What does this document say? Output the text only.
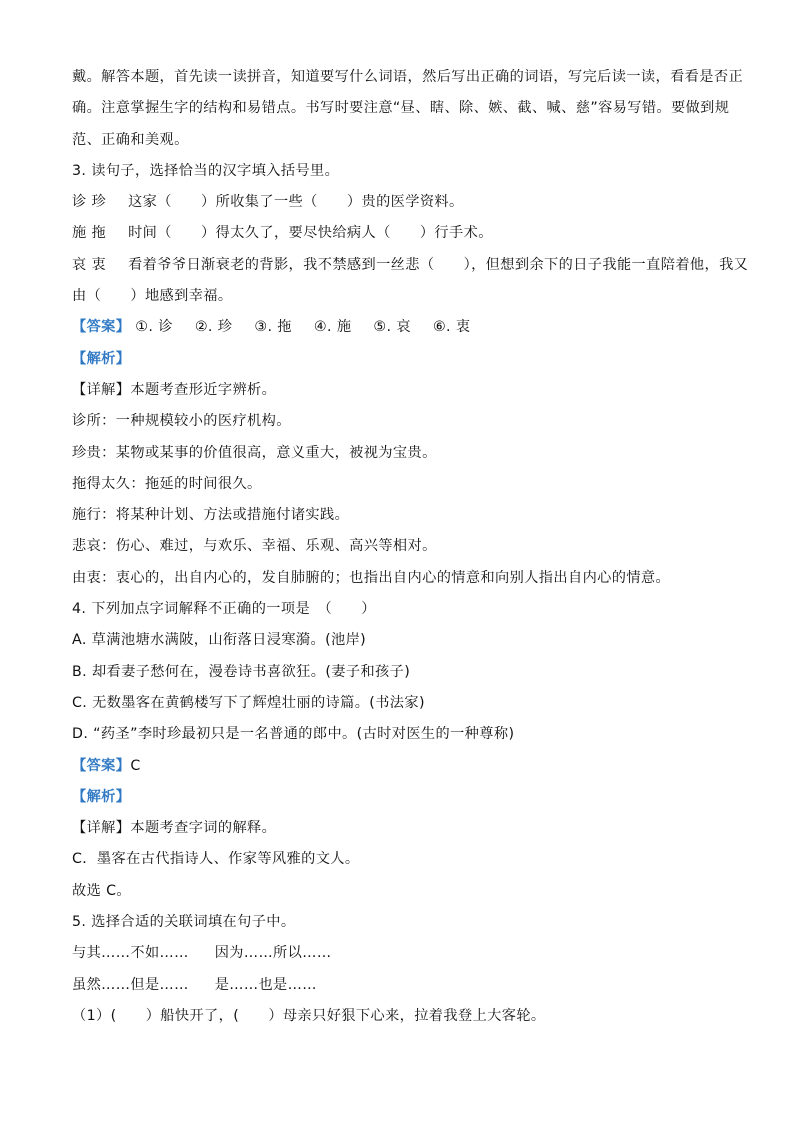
戴。解答本题，首先读一读拼音，知道要写什么词语，然后写出正确的词语，写完后读一读，看看是否正
确。注意掌握生字的结构和易错点。书写时要注意“昼、瞎、除、嫉、截、喊、慈”容易写错。要做到规
范、正确和美观。
3. 读句子，选择恰当的汉字填入括号里。
诊 珍 这家（　　）所收集了一些（　　）贵的医学资料。
施 拖 时间（　　）得太久了，要尽快给病人（　　）行手术。
哀 衷 看着爷爷日渐衰老的背影，我不禁感到一丝悲（　　），但想到余下的日子我能一直陪着他，我又
由（　　）地感到幸福。
【答案】 ①. 诊 ②. 珍 ③. 拖 ④. 施 ⑤. 哀 ⑥. 衷
【解析】
【详解】本题考查形近字辨析。
诊所：一种规模较小的医疗机构。
珍贵：某物或某事的价值很高，意义重大，被视为宝贵。
拖得太久：拖延的时间很久。
施行：将某种计划、方法或措施付诸实践。
悲哀：伤心、难过，与欢乐、幸福、乐观、高兴等相对。
由衷：衷心的，出自内心的，发自肺腑的；也指出自内心的情意和向别人指出自内心的情意。
4. 下列加点字词解释不正确的一项是　（　　）
A. 草满池塘水满陂，山衔落日浸寒漪。(池岸)
B. 却看妻子愁何在，漫卷诗书喜欲狂。(妻子和孩子)
C. 无数墨客在黄鹤楼写下了辉煌壮丽的诗篇。(书法家)
D. “药圣”李时珍最初只是一名普通的郎中。(古时对医生的一种尊称)
【答案】C
【解析】
【详解】本题考查字词的解释。
C．墨客在古代指诗人、作家等风雅的文人。
故选 C。
5. 选择合适的关联词填在句子中。
与其……不如…… 因为……所以……
虽然……但是…… 是……也是……
（1）(　　）船快开了，(　　）母亲只好狠下心来，拉着我登上大客轮。
